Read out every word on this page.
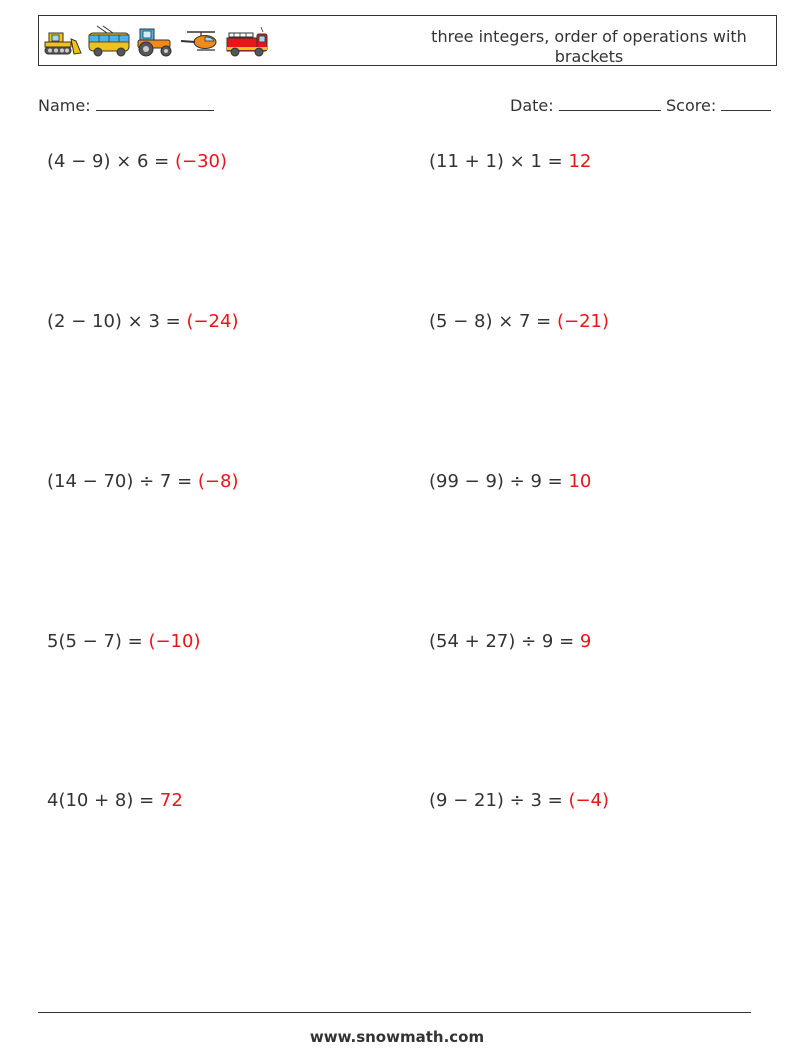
three integers, order of operations with brackets
Name:	Date:	Score:
(4 − 9) × 6 = (−30)	(11 + 1) × 1 = 12
(2 − 10) × 3 = (−24)	(5 − 8) × 7 = (−21)
(14 − 70) ÷ 7 = (−8)	(99 − 9) ÷ 9 = 10
5(5 − 7) = (−10)	(54 + 27) ÷ 9 = 9
4(10 + 8) = 72	(9 − 21) ÷ 3 = (−4)
www.snowmath.com
